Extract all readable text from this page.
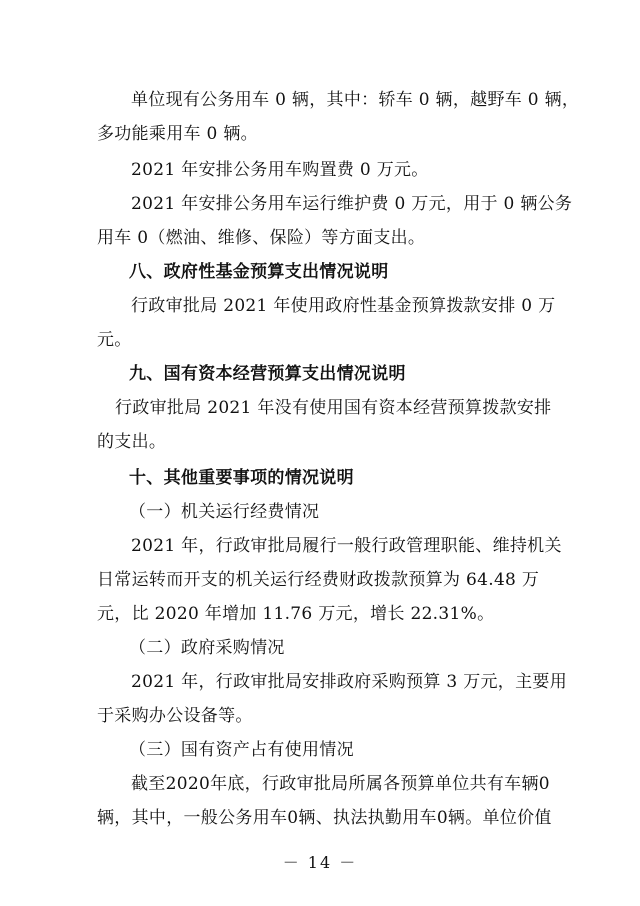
单位现有公务用车 0 辆，其中：轿车 0 辆，越野车 0 辆，
多功能乘用车 0 辆。
2021 年安排公务用车购置费 0 万元。
2021 年安排公务用车运行维护费 0 万元，用于 0 辆公务
用车 0（燃油、维修、保险）等方面支出。
八、政府性基金预算支出情况说明
行政审批局 2021 年使用政府性基金预算拨款安排 0 万
元。
九、国有资本经营预算支出情况说明
行政审批局 2021 年没有使用国有资本经营预算拨款安排
的支出。
十、其他重要事项的情况说明
（一）机关运行经费情况
2021 年，行政审批局履行一般行政管理职能、维持机关
日常运转而开支的机关运行经费财政拨款预算为 64.48 万
元，比 2020 年增加 11.76 万元，增长 22.31%。
（二）政府采购情况
2021 年，行政审批局安排政府采购预算 3 万元，主要用
于采购办公设备等。
（三）国有资产占有使用情况
截至2020年底，行政审批局所属各预算单位共有车辆0
辆，其中，一般公务用车0辆、执法执勤用车0辆。单位价值
－ 14 －
